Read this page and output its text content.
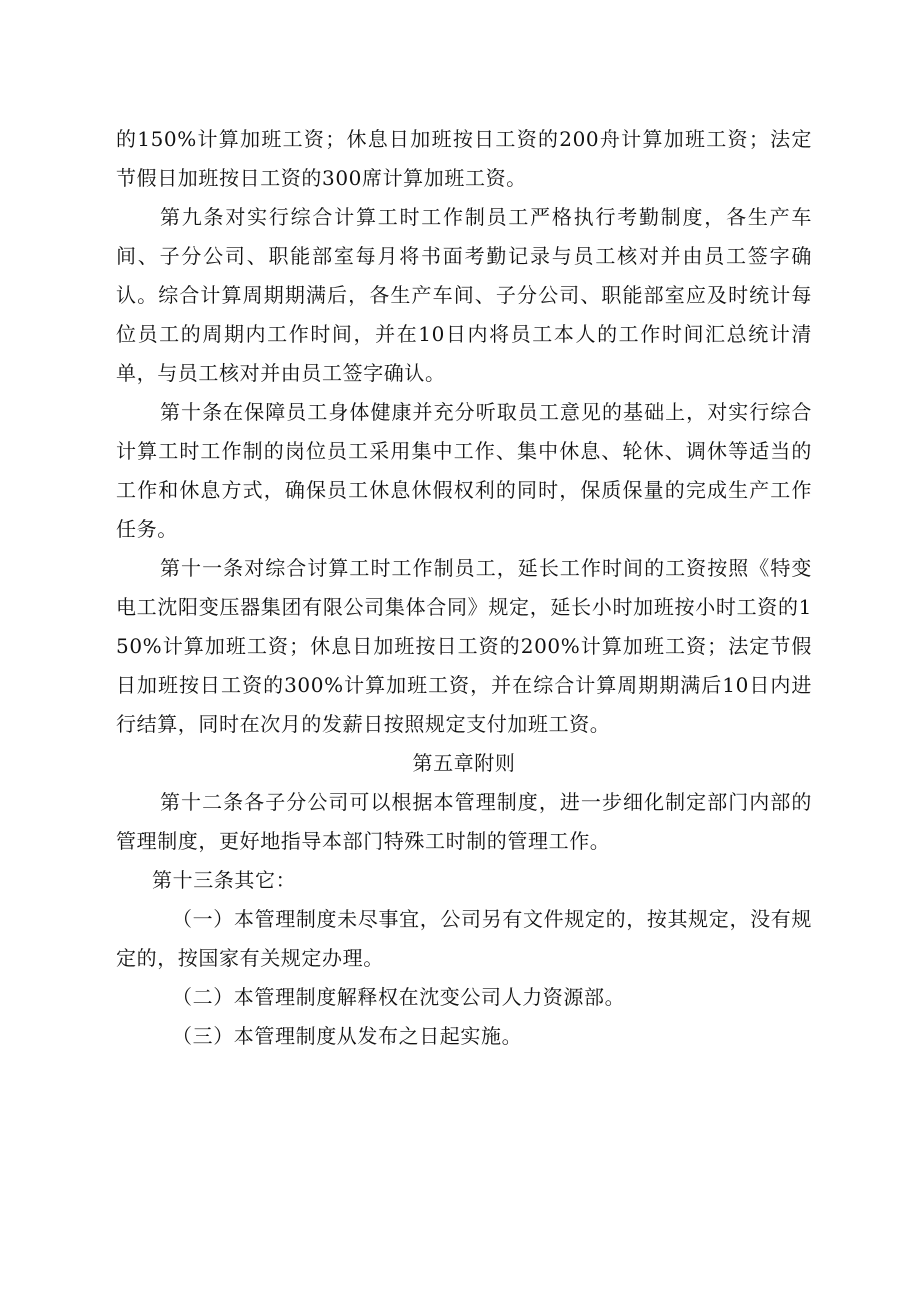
的150%计算加班工资；休息日加班按日工资的200舟计算加班工资；法定节假日加班按日工资的300席计算加班工资。

第九条对实行综合计算工时工作制员工严格执行考勤制度，各生产车间、子分公司、职能部室每月将书面考勤记录与员工核对并由员工签字确认。综合计算周期期满后，各生产车间、子分公司、职能部室应及时统计每位员工的周期内工作时间，并在10日内将员工本人的工作时间汇总统计清单，与员工核对并由员工签字确认。

第十条在保障员工身体健康并充分听取员工意见的基础上，对实行综合计算工时工作制的岗位员工采用集中工作、集中休息、轮休、调休等适当的工作和休息方式，确保员工休息休假权利的同时，保质保量的完成生产工作任务。

第十一条对综合讨算工时工作制员工，延长工作时间的工资按照《特变电工沈阳变压器集团有限公司集体合同》规定，延长小时加班按小时工资的150%计算加班工资；休息日加班按日工资的200%计算加班工资；法定节假日加班按日工资的300%计算加班工资，并在综合计算周期期满后10日内进行结算，同时在次月的发薪日按照规定支付加班工资。

第五章附则

第十二条各子分公司可以根据本管理制度，进一步细化制定部门内部的管理制度，更好地指导本部门特殊工时制的管理工作。

第十三条其它：

（一）本管理制度未尽事宜，公司另有文件规定的，按其规定，没有规定的，按国家有关规定办理。

（二）本管理制度解释权在沈变公司人力资源部。

（三）本管理制度从发布之日起实施。
